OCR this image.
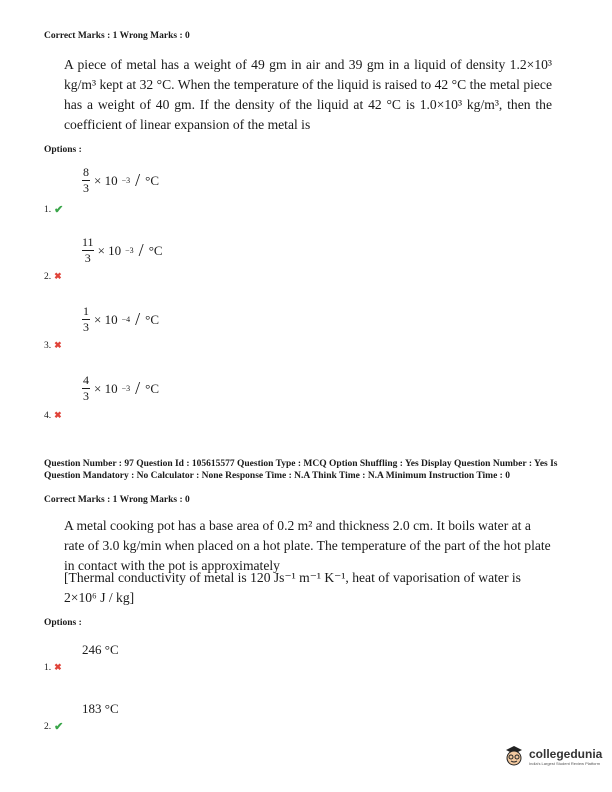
Correct Marks : 1 Wrong Marks : 0
A piece of metal has a weight of 49 gm in air and 39 gm in a liquid of density 1.2×10³ kg/m³ kept at 32 °C. When the temperature of the liquid is raised to 42 °C the metal piece has a weight of 40 gm. If the density of the liquid at 42 °C is 1.0×10³ kg/m³, then the coefficient of linear expansion of the metal is
Options :
$\frac{8}{3} \times 10 -3 / ^\circ C$
1. ✔
$\frac{11}{3} \times 10 -3 / ^\circ C$
2. ✖
$\frac{1}{3} \times 10 -4 / ^\circ C$
3. ✖
$\frac{4}{3} \times 10 -3 / ^\circ C$
4. ✖
Question Number : 97 Question Id : 105615577 Question Type : MCQ Option Shuffling : Yes Display Question Number : Yes Is Question Mandatory : No Calculator : None Response Time : N.A Think Time : N.A Minimum Instruction Time : 0
Correct Marks : 1 Wrong Marks : 0
A metal cooking pot has a base area of 0.2 m² and thickness 2.0 cm. It boils water at a rate of 3.0 kg/min when placed on a hot plate. The temperature of the part of the hot plate in contact with the pot is approximately
[Thermal conductivity of metal is 120 Js⁻¹ m⁻¹ K⁻¹, heat of vaporisation of water is 2×10⁶ J / kg]
Options :
246 °C
1. ✖
183 °C
2. ✔
collegedunia
India's Largest Student Review Platform
